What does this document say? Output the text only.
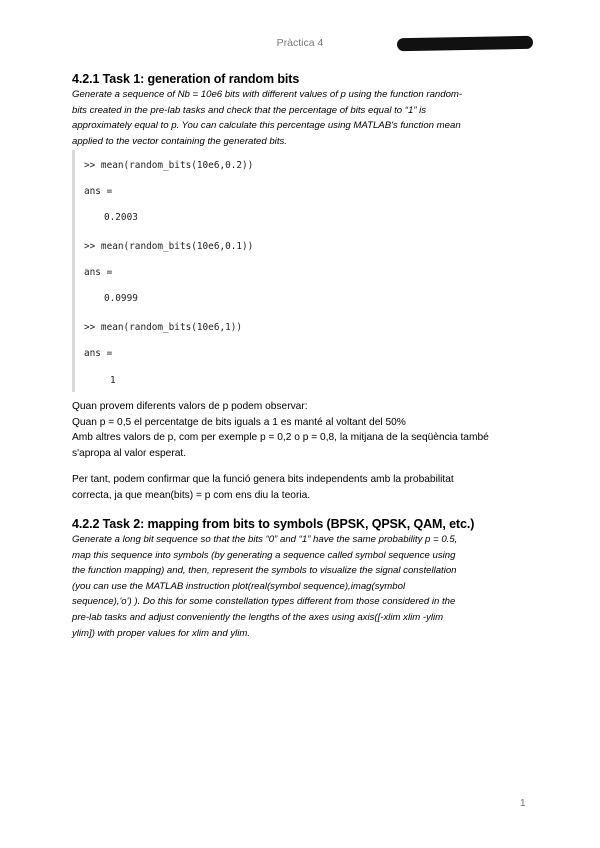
Pràctica 4
4.2.1 Task 1: generation of random bits
Generate a sequence of Nb = 10e6 bits with different values of p using the function random-
bits created in the pre-lab tasks and check that the percentage of bits equal to “1” is
approximately equal to p. You can calculate this percentage using MATLAB's function mean
applied to the vector containing the generated bits.
>> mean(random_bits(10e6,0.2))
ans =
0.2003
>> mean(random_bits(10e6,0.1))
ans =
0.0999
>> mean(random_bits(10e6,1))
ans =
1
Quan provem diferents valors de p podem observar:
Quan p = 0,5 el percentatge de bits iguals a 1 es manté al voltant del 50%
Amb altres valors de p, com per exemple p = 0,2 o p = 0,8, la mitjana de la seqüència també
s'apropa al valor esperat.
Per tant, podem confirmar que la funció genera bits independents amb la probabilitat
correcta, ja que mean(bits) = p com ens diu la teoria.
4.2.2 Task 2: mapping from bits to symbols (BPSK, QPSK, QAM, etc.)
Generate a long bit sequence so that the bits “0” and “1” have the same probability p = 0.5,
map this sequence into symbols (by generating a sequence called symbol sequence using
the function mapping) and, then, represent the symbols to visualize the signal constellation
(you can use the MATLAB instruction plot(real(symbol sequence),imag(symbol
sequence),'o') ). Do this for some constellation types different from those considered in the
pre-lab tasks and adjust conveniently the lengths of the axes using axis([-xlim xlim -ylim
ylim]) with proper values for xlim and ylim.
1
